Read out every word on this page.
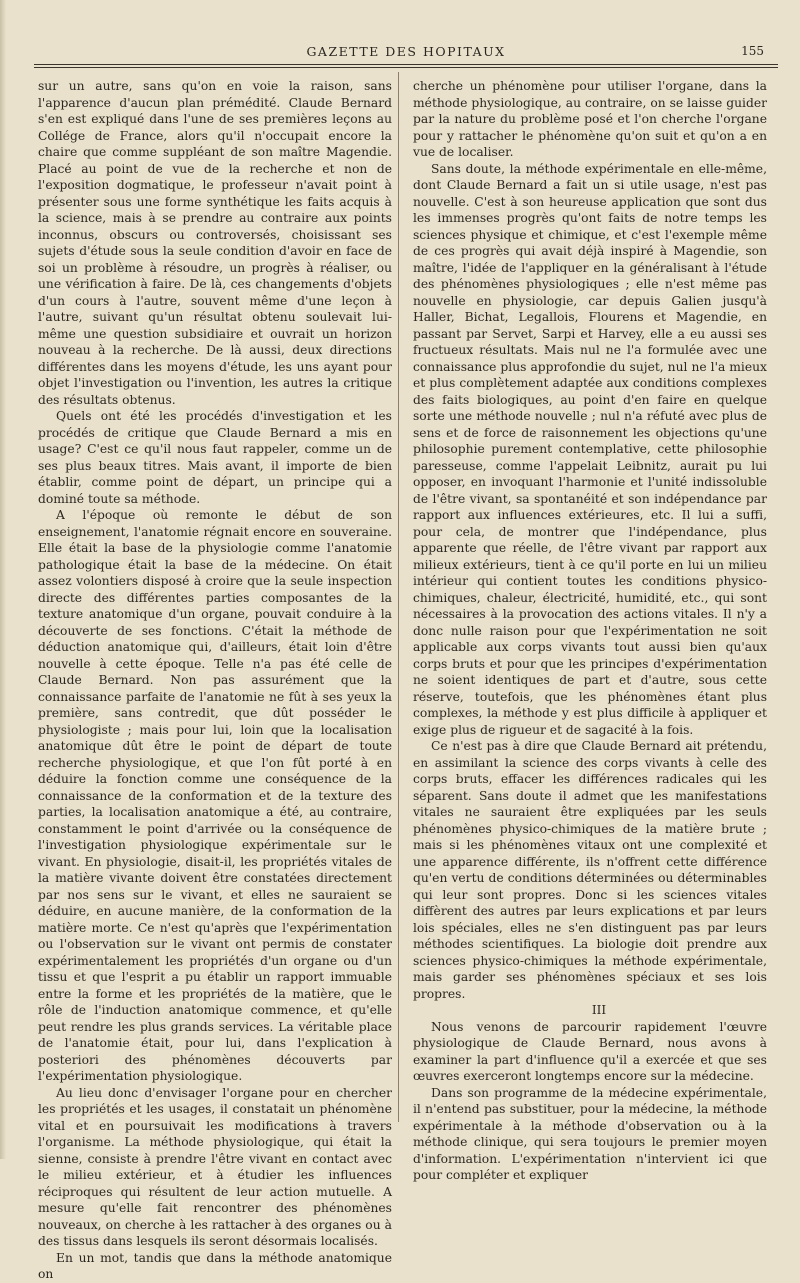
GAZETTE DES HOPITAUX	155

sur un autre, sans qu'on en voie la raison, sans l'apparence d'aucun plan prémédité. Claude Bernard s'en est expliqué dans l'une de ses premières leçons au Collége de France, alors qu'il n'occupait encore la chaire que comme suppléant de son maître Magendie. Placé au point de vue de la recherche et non de l'exposition dogmatique, le professeur n'avait point à présenter sous une forme synthétique les faits acquis à la science, mais à se prendre au contraire aux points inconnus, obscurs ou controversés, choisissant ses sujets d'étude sous la seule condition d'avoir en face de soi un problème à résoudre, un progrès à réaliser, ou une vérification à faire. De là, ces changements d'objets d'un cours à l'autre, souvent même d'une leçon à l'autre, suivant qu'un résultat obtenu soulevait lui-même une question subsidiaire et ouvrait un horizon nouveau à la recherche. De là aussi, deux directions différentes dans les moyens d'étude, les uns ayant pour objet l'investigation ou l'invention, les autres la critique des résultats obtenus.

Quels ont été les procédés d'investigation et les procédés de critique que Claude Bernard a mis en usage? C'est ce qu'il nous faut rappeler, comme un de ses plus beaux titres. Mais avant, il importe de bien établir, comme point de départ, un principe qui a dominé toute sa méthode.

A l'époque où remonte le début de son enseignement, l'anatomie régnait encore en souveraine. Elle était la base de la physiologie comme l'anatomie pathologique était la base de la médecine. On était assez volontiers disposé à croire que la seule inspection directe des différentes parties composantes de la texture anatomique d'un organe, pouvait conduire à la découverte de ses fonctions. C'était la méthode de déduction anatomique qui, d'ailleurs, était loin d'être nouvelle à cette époque. Telle n'a pas été celle de Claude Bernard. Non pas assurément que la connaissance parfaite de l'anatomie ne fût à ses yeux la première, sans contredit, que dût posséder le physiologiste ; mais pour lui, loin que la localisation anatomique dût être le point de départ de toute recherche physiologique, et que l'on fût porté à en déduire la fonction comme une conséquence de la connaissance de la conformation et de la texture des parties, la localisation anatomique a été, au contraire, constamment le point d'arrivée ou la conséquence de l'investigation physiologique expérimentale sur le vivant. En physiologie, disait-il, les propriétés vitales de la matière vivante doivent être constatées directement par nos sens sur le vivant, et elles ne sauraient se déduire, en aucune manière, de la conformation de la matière morte. Ce n'est qu'après que l'expérimentation ou l'observation sur le vivant ont permis de constater expérimentalement les propriétés d'un organe ou d'un tissu et que l'esprit a pu établir un rapport immuable entre la forme et les propriétés de la matière, que le rôle de l'induction anatomique commence, et qu'elle peut rendre les plus grands services. La véritable place de l'anatomie était, pour lui, dans l'explication à posteriori des phénomènes découverts par l'expérimentation physiologique.

Au lieu donc d'envisager l'organe pour en chercher les propriétés et les usages, il constatait un phénomène vital et en poursuivait les modifications à travers l'organisme. La méthode physiologique, qui était la sienne, consiste à prendre l'être vivant en contact avec le milieu extérieur, et à étudier les influences réciproques qui résultent de leur action mutuelle. A mesure qu'elle fait rencontrer des phénomènes nouveaux, on cherche à les rattacher à des organes ou à des tissus dans lesquels ils seront désormais localisés.

En un mot, tandis que dans la méthode anatomique on

cherche un phénomène pour utiliser l'organe, dans la méthode physiologique, au contraire, on se laisse guider par la nature du problème posé et l'on cherche l'organe pour y rattacher le phénomène qu'on suit et qu'on a en vue de localiser.

Sans doute, la méthode expérimentale en elle-même, dont Claude Bernard a fait un si utile usage, n'est pas nouvelle. C'est à son heureuse application que sont dus les immenses progrès qu'ont faits de notre temps les sciences physique et chimique, et c'est l'exemple même de ces progrès qui avait déjà inspiré à Magendie, son maître, l'idée de l'appliquer en la généralisant à l'étude des phénomènes physiologiques ; elle n'est même pas nouvelle en physiologie, car depuis Galien jusqu'à Haller, Bichat, Legallois, Flourens et Magendie, en passant par Servet, Sarpi et Harvey, elle a eu aussi ses fructueux résultats. Mais nul ne l'a formulée avec une connaissance plus approfondie du sujet, nul ne l'a mieux et plus complètement adaptée aux conditions complexes des faits biologiques, au point d'en faire en quelque sorte une méthode nouvelle ; nul n'a réfuté avec plus de sens et de force de raisonnement les objections qu'une philosophie purement contemplative, cette philosophie paresseuse, comme l'appelait Leibnitz, aurait pu lui opposer, en invoquant l'harmonie et l'unité indissoluble de l'être vivant, sa spontanéité et son indépendance par rapport aux influences extérieures, etc. Il lui a suffi, pour cela, de montrer que l'indépendance, plus apparente que réelle, de l'être vivant par rapport aux milieux extérieurs, tient à ce qu'il porte en lui un milieu intérieur qui contient toutes les conditions physico-chimiques, chaleur, électricité, humidité, etc., qui sont nécessaires à la provocation des actions vitales. Il n'y a donc nulle raison pour que l'expérimentation ne soit applicable aux corps vivants tout aussi bien qu'aux corps bruts et pour que les principes d'expérimentation ne soient identiques de part et d'autre, sous cette réserve, toutefois, que les phénomènes étant plus complexes, la méthode y est plus difficile à appliquer et exige plus de rigueur et de sagacité à la fois.

Ce n'est pas à dire que Claude Bernard ait prétendu, en assimilant la science des corps vivants à celle des corps bruts, effacer les différences radicales qui les séparent. Sans doute il admet que les manifestations vitales ne sauraient être expliquées par les seuls phénomènes physico-chimiques de la matière brute ; mais si les phénomènes vitaux ont une complexité et une apparence différente, ils n'offrent cette différence qu'en vertu de conditions déterminées ou déterminables qui leur sont propres. Donc si les sciences vitales diffèrent des autres par leurs explications et par leurs lois spéciales, elles ne s'en distinguent pas par leurs méthodes scientifiques. La biologie doit prendre aux sciences physico-chimiques la méthode expérimentale, mais garder ses phénomènes spéciaux et ses lois propres.

III

Nous venons de parcourir rapidement l'œuvre physiologique de Claude Bernard, nous avons à examiner la part d'influence qu'il a exercée et que ses œuvres exerceront longtemps encore sur la médecine.

Dans son programme de la médecine expérimentale, il n'entend pas substituer, pour la médecine, la méthode expérimentale à la méthode d'observation ou à la méthode clinique, qui sera toujours le premier moyen d'information. L'expérimentation n'intervient ici que pour compléter et expliquer
